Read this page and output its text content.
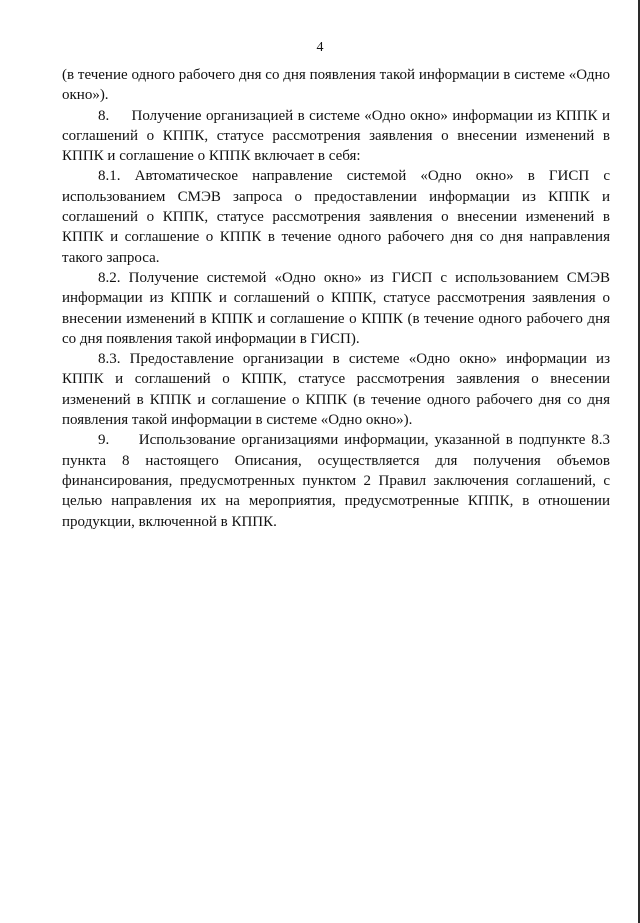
4

(в течение одного рабочего дня со дня появления такой информации в системе «Одно окно»).

8.     Получение организацией в системе «Одно окно» информации из КППК и соглашений о КППК, статусе рассмотрения заявления о внесении изменений в КППК и соглашение о КППК включает в себя:

8.1. Автоматическое направление системой «Одно окно» в ГИСП с использованием СМЭВ запроса о предоставлении информации из КППК и соглашений о КППК, статусе рассмотрения заявления о внесении изменений в КППК и соглашение о КППК в течение одного рабочего дня со дня направления такого запроса.

8.2. Получение системой «Одно окно» из ГИСП с использованием СМЭВ информации из КППК и соглашений о КППК, статусе рассмотрения заявления о внесении изменений в КППК и соглашение о КППК (в течение одного рабочего дня со дня появления такой информации в ГИСП).

8.3. Предоставление организации в системе «Одно окно» информации из КППК и соглашений о КППК, статусе рассмотрения заявления о внесении изменений в КППК и соглашение о КППК (в течение одного рабочего дня со дня появления такой информации в системе «Одно окно»).

9.     Использование организациями информации, указанной в подпункте 8.3 пункта 8 настоящего Описания, осуществляется для получения объемов финансирования, предусмотренных пунктом 2 Правил заключения соглашений, с целью направления их на мероприятия, предусмотренные КППК, в отношении продукции, включенной в КППК.
